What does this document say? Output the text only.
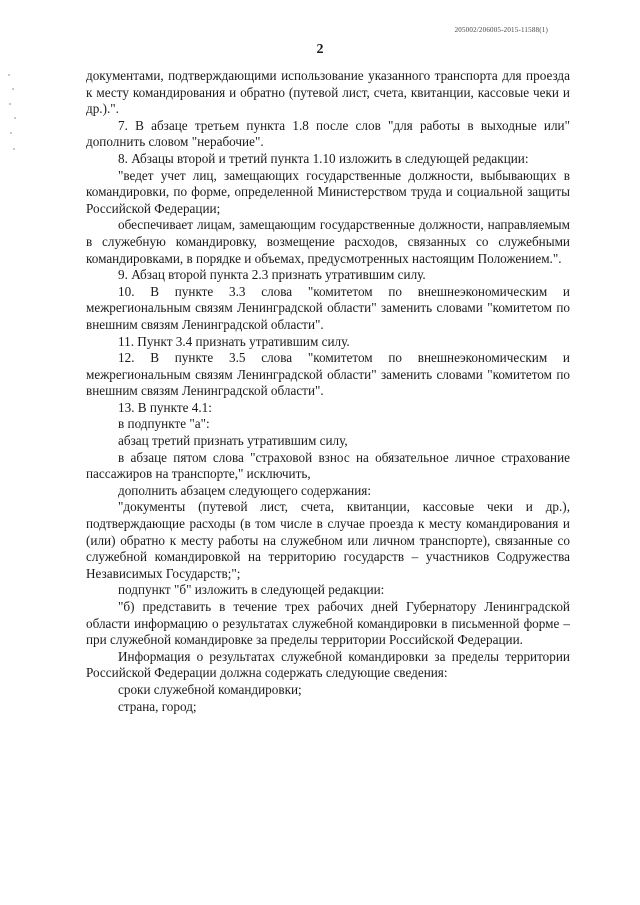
205002/206005-2015-11588(1)
2

документами, подтверждающими использование указанного транспорта для проезда к месту командирования и обратно (путевой лист, счета, квитанции, кассовые чеки и др.).".

7. В абзаце третьем пункта 1.8 после слов "для работы в выходные или" дополнить словом "нерабочие".

8. Абзацы второй и третий пункта 1.10 изложить в следующей редакции:

"ведет учет лиц, замещающих государственные должности, выбывающих в командировки, по форме, определенной Министерством труда и социальной защиты Российской Федерации;

обеспечивает лицам, замещающим государственные должности, направляемым в служебную командировку, возмещение расходов, связанных со служебными командировками, в порядке и объемах, предусмотренных настоящим Положением.".

9. Абзац второй пункта 2.3 признать утратившим силу.

10. В пункте 3.3 слова "комитетом по внешнеэкономическим и межрегиональным связям Ленинградской области" заменить словами "комитетом по внешним связям Ленинградской области".

11. Пункт 3.4 признать утратившим силу.

12. В пункте 3.5 слова "комитетом по внешнеэкономическим и межрегиональным связям Ленинградской области" заменить словами "комитетом по внешним связям Ленинградской области".

13. В пункте 4.1:

в подпункте "а":

абзац третий признать утратившим силу,

в абзаце пятом слова "страховой взнос на обязательное личное страхование пассажиров на транспорте," исключить,

дополнить абзацем следующего содержания:

"документы (путевой лист, счета, квитанции, кассовые чеки и др.), подтверждающие расходы (в том числе в случае проезда к месту командирования и (или) обратно к месту работы на служебном или личном транспорте), связанные со служебной командировкой на территорию государств – участников Содружества Независимых Государств;";

подпункт "б" изложить в следующей редакции:

"б) представить в течение трех рабочих дней Губернатору Ленинградской области информацию о результатах служебной командировки в письменной форме – при служебной командировке за пределы территории Российской Федерации.

Информация о результатах служебной командировки за пределы территории Российской Федерации должна содержать следующие сведения:

сроки служебной командировки;

страна, город;
